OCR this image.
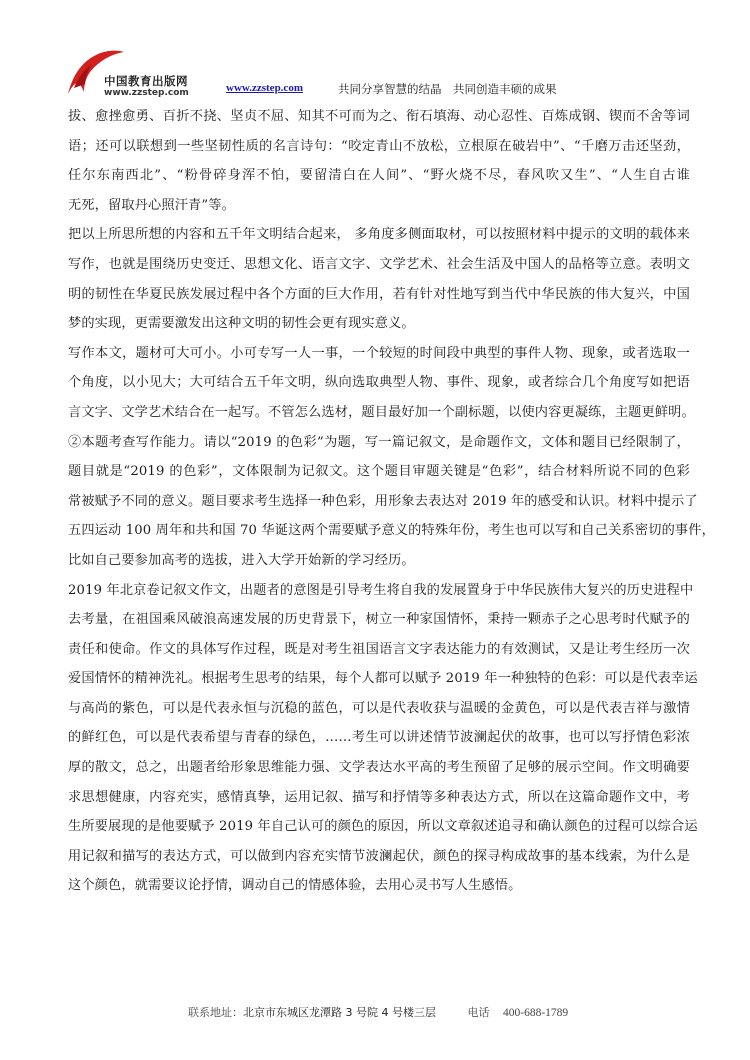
中国教育出版网
www.zzstep.com	www.zzstep.com	共同分享智慧的结晶　共同创造丰硕的成果
拔、愈挫愈勇、百折不挠、坚贞不屈、知其不可而为之、衔石填海、动心忍性、百炼成钢、锲而不舍等词
语；还可以联想到一些坚韧性质的名言诗句：“咬定青山不放松，立根原在破岩中”、“千磨万击还坚劲，
任尔东南西北”、“粉骨碎身浑不怕，要留清白在人间”、“野火烧不尽，春风吹又生”、“人生自古谁
无死，留取丹心照汗青”等。
把以上所思所想的内容和五千年文明结合起来， 多角度多侧面取材，可以按照材料中提示的文明的载体来
写作，也就是围绕历史变迁、思想文化、语言文字、文学艺术、社会生活及中国人的品格等立意。表明文
明的韧性在华夏民族发展过程中各个方面的巨大作用，若有针对性地写到当代中华民族的伟大复兴，中国
梦的实现，更需要激发出这种文明的韧性会更有现实意义。
写作本文，题材可大可小。小可专写一人一事，一个较短的时间段中典型的事件人物、现象，或者选取一
个角度，以小见大；大可结合五千年文明，纵向选取典型人物、事件、现象，或者综合几个角度写如把语
言文字、文学艺术结合在一起写。不管怎么选材，题目最好加一个副标题，以使内容更凝练，主题更鲜明。
②本题考查写作能力。请以“2019 的色彩”为题，写一篇记叙文，是命题作文，文体和题目已经限制了，
题目就是“2019 的色彩”，文体限制为记叙文。这个题目审题关键是“色彩”，结合材料所说不同的色彩
常被赋予不同的意义。题目要求考生选择一种色彩，用形象去表达对 2019 年的感受和认识。材料中提示了
五四运动 100 周年和共和国 70 华诞这两个需要赋予意义的特殊年份，考生也可以写和自己关系密切的事件，
比如自己要参加高考的选拔，进入大学开始新的学习经历。
2019 年北京卷记叙文作文，出题者的意图是引导考生将自我的发展置身于中华民族伟大复兴的历史进程中
去考量，在祖国乘风破浪高速发展的历史背景下，树立一种家国情怀，秉持一颗赤子之心思考时代赋予的
责任和使命。作文的具体写作过程，既是对考生祖国语言文字表达能力的有效测试，又是让考生经历一次
爱国情怀的精神洗礼。根据考生思考的结果，每个人都可以赋予 2019 年一种独特的色彩：可以是代表幸运
与高尚的紫色，可以是代表永恒与沉稳的蓝色，可以是代表收获与温暖的金黄色，可以是代表吉祥与激情
的鲜红色，可以是代表希望与青春的绿色，……考生可以讲述情节波澜起伏的故事，也可以写抒情色彩浓
厚的散文，总之，出题者给形象思维能力强、文学表达水平高的考生预留了足够的展示空间。作文明确要
求思想健康，内容充实，感情真挚，运用记叙、描写和抒情等多种表达方式，所以在这篇命题作文中，考
生所要展现的是他要赋予 2019 年自己认可的颜色的原因，所以文章叙述追寻和确认颜色的过程可以综合运
用记叙和描写的表达方式，可以做到内容充实情节波澜起伏，颜色的探寻构成故事的基本线索，为什么是
这个颜色，就需要议论抒情，调动自己的情感体验，去用心灵书写人生感悟。
联系地址：北京市东城区龙潭路 3 号院 4 号楼三层	电话 400-688-1789
